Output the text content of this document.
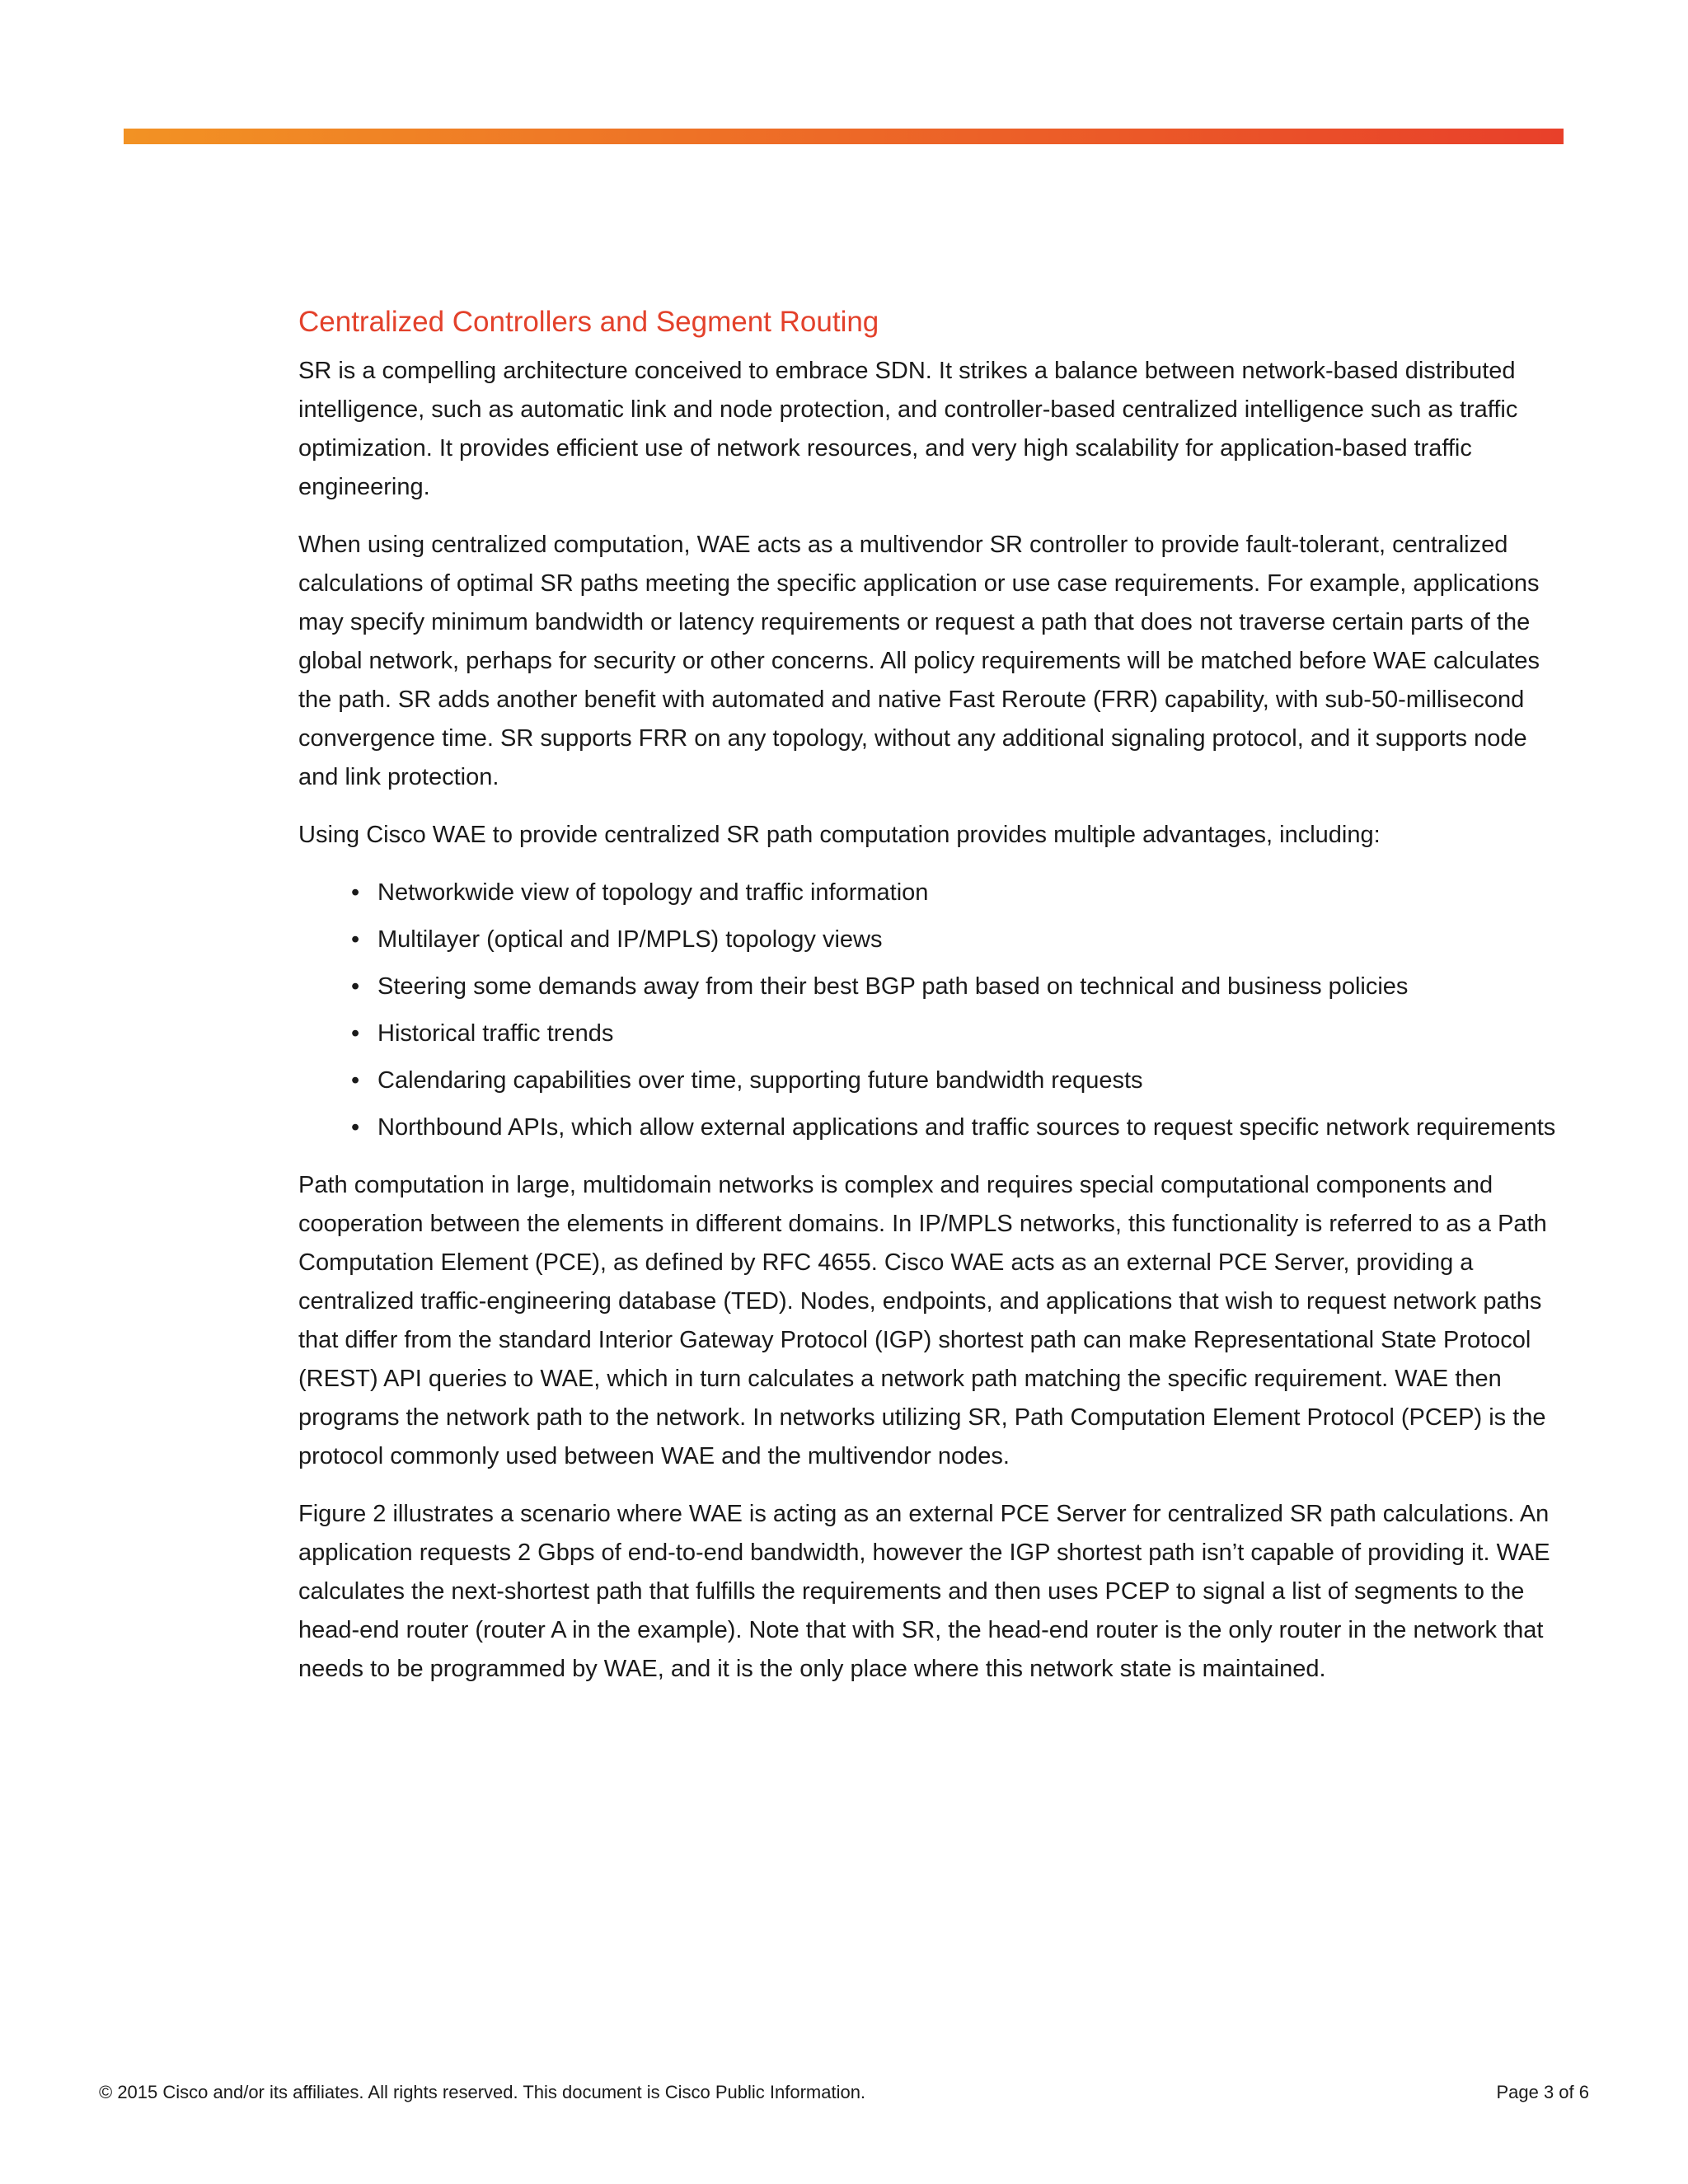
Centralized Controllers and Segment Routing

SR is a compelling architecture conceived to embrace SDN. It strikes a balance between network-based distributed intelligence, such as automatic link and node protection, and controller-based centralized intelligence such as traffic optimization. It provides efficient use of network resources, and very high scalability for application-based traffic engineering.

When using centralized computation, WAE acts as a multivendor SR controller to provide fault-tolerant, centralized calculations of optimal SR paths meeting the specific application or use case requirements. For example, applications may specify minimum bandwidth or latency requirements or request a path that does not traverse certain parts of the global network, perhaps for security or other concerns. All policy requirements will be matched before WAE calculates the path. SR adds another benefit with automated and native Fast Reroute (FRR) capability, with sub-50-millisecond convergence time. SR supports FRR on any topology, without any additional signaling protocol, and it supports node and link protection.

Using Cisco WAE to provide centralized SR path computation provides multiple advantages, including:

• Networkwide view of topology and traffic information
• Multilayer (optical and IP/MPLS) topology views
• Steering some demands away from their best BGP path based on technical and business policies
• Historical traffic trends
• Calendaring capabilities over time, supporting future bandwidth requests
• Northbound APIs, which allow external applications and traffic sources to request specific network requirements

Path computation in large, multidomain networks is complex and requires special computational components and cooperation between the elements in different domains. In IP/MPLS networks, this functionality is referred to as a Path Computation Element (PCE), as defined by RFC 4655. Cisco WAE acts as an external PCE Server, providing a centralized traffic-engineering database (TED). Nodes, endpoints, and applications that wish to request network paths that differ from the standard Interior Gateway Protocol (IGP) shortest path can make Representational State Protocol (REST) API queries to WAE, which in turn calculates a network path matching the specific requirement. WAE then programs the network path to the network. In networks utilizing SR, Path Computation Element Protocol (PCEP) is the protocol commonly used between WAE and the multivendor nodes.

Figure 2 illustrates a scenario where WAE is acting as an external PCE Server for centralized SR path calculations. An application requests 2 Gbps of end-to-end bandwidth, however the IGP shortest path isn’t capable of providing it. WAE calculates the next-shortest path that fulfills the requirements and then uses PCEP to signal a list of segments to the head-end router (router A in the example). Note that with SR, the head-end router is the only router in the network that needs to be programmed by WAE, and it is the only place where this network state is maintained.

© 2015 Cisco and/or its affiliates. All rights reserved. This document is Cisco Public Information.	Page 3 of 6
